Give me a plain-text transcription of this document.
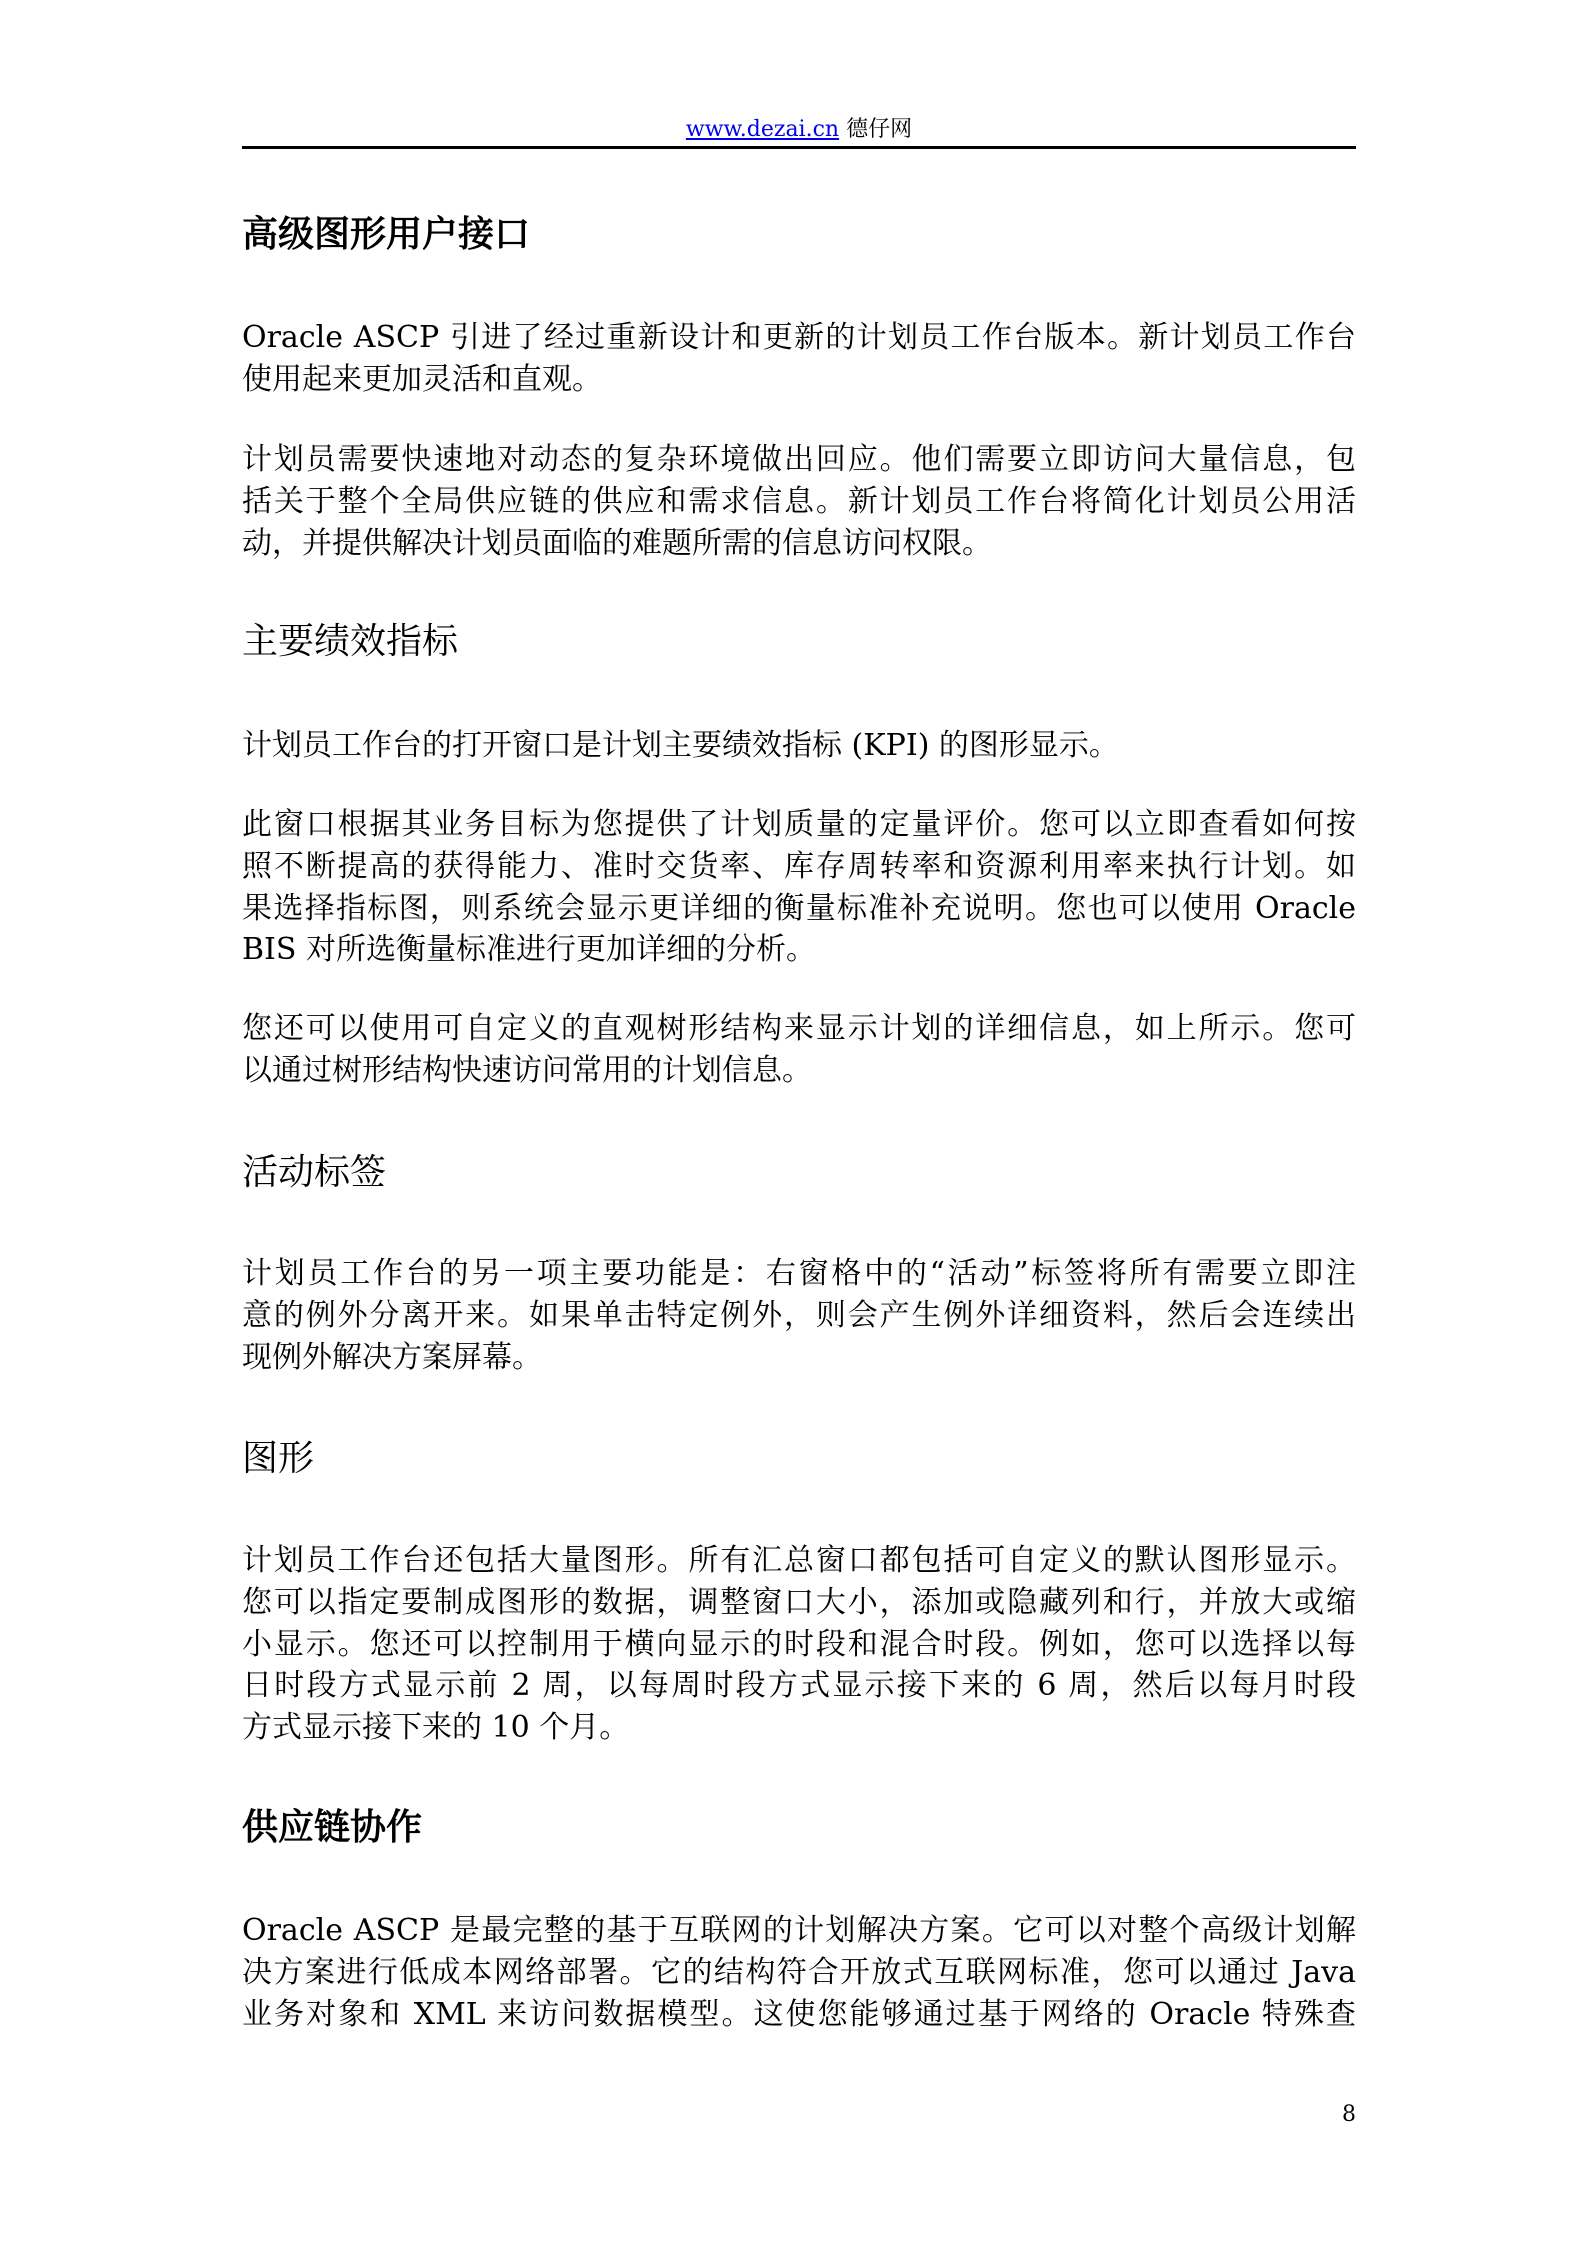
www.dezai.cn 德仔网
高级图形用户接口
Oracle ASCP 引进了经过重新设计和更新的计划员工作台版本。新计划员工作台
使用起来更加灵活和直观。
计划员需要快速地对动态的复杂环境做出回应。他们需要立即访问大量信息，包
括关于整个全局供应链的供应和需求信息。新计划员工作台将简化计划员公用活
动，并提供解决计划员面临的难题所需的信息访问权限。
主要绩效指标
计划员工作台的打开窗口是计划主要绩效指标 (KPI) 的图形显示。
此窗口根据其业务目标为您提供了计划质量的定量评价。您可以立即查看如何按
照不断提高的获得能力、准时交货率、库存周转率和资源利用率来执行计划。如
果选择指标图，则系统会显示更详细的衡量标准补充说明。您也可以使用 Oracle
BIS 对所选衡量标准进行更加详细的分析。
您还可以使用可自定义的直观树形结构来显示计划的详细信息，如上所示。您可
以通过树形结构快速访问常用的计划信息。
活动标签
计划员工作台的另一项主要功能是：右窗格中的“活动”标签将所有需要立即注
意的例外分离开来。如果单击特定例外，则会产生例外详细资料，然后会连续出
现例外解决方案屏幕。
图形
计划员工作台还包括大量图形。所有汇总窗口都包括可自定义的默认图形显示。
您可以指定要制成图形的数据，调整窗口大小，添加或隐藏列和行，并放大或缩
小显示。您还可以控制用于横向显示的时段和混合时段。例如，您可以选择以每
日时段方式显示前 2 周，以每周时段方式显示接下来的 6 周，然后以每月时段
方式显示接下来的 10 个月。
供应链协作
Oracle ASCP 是最完整的基于互联网的计划解决方案。它可以对整个高级计划解
决方案进行低成本网络部署。它的结构符合开放式互联网标准，您可以通过 Java
业务对象和 XML 来访问数据模型。这使您能够通过基于网络的 Oracle 特殊查
8
